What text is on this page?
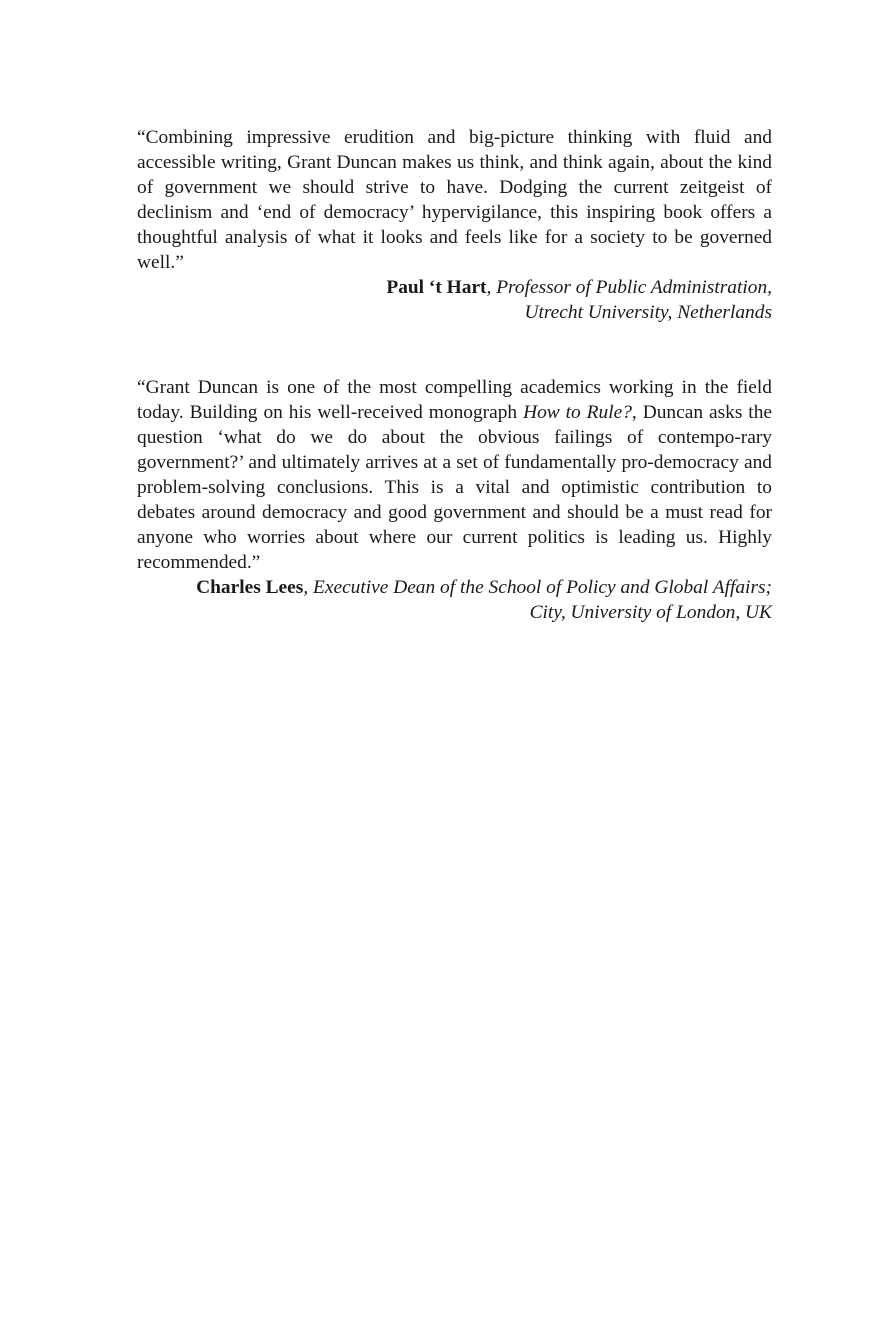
“Combining impressive erudition and big-picture thinking with fluid and accessible writing, Grant Duncan makes us think, and think again, about the kind of government we should strive to have. Dodging the current zeitgeist of declinism and ‘end of democracy’ hypervigilance, this inspiring book offers a thoughtful analysis of what it looks and feels like for a society to be governed well.”

Paul ‘t Hart, Professor of Public Administration,
Utrecht University, Netherlands

“Grant Duncan is one of the most compelling academics working in the field today. Building on his well-received monograph How to Rule?, Duncan asks the question ‘what do we do about the obvious failings of contempo-rary government?’ and ultimately arrives at a set of fundamentally pro-democracy and problem-solving conclusions. This is a vital and optimistic contribution to debates around democracy and good government and should be a must read for anyone who worries about where our current politics is leading us. Highly recommended.”

Charles Lees, Executive Dean of the School of Policy and Global Affairs;
City, University of London, UK
